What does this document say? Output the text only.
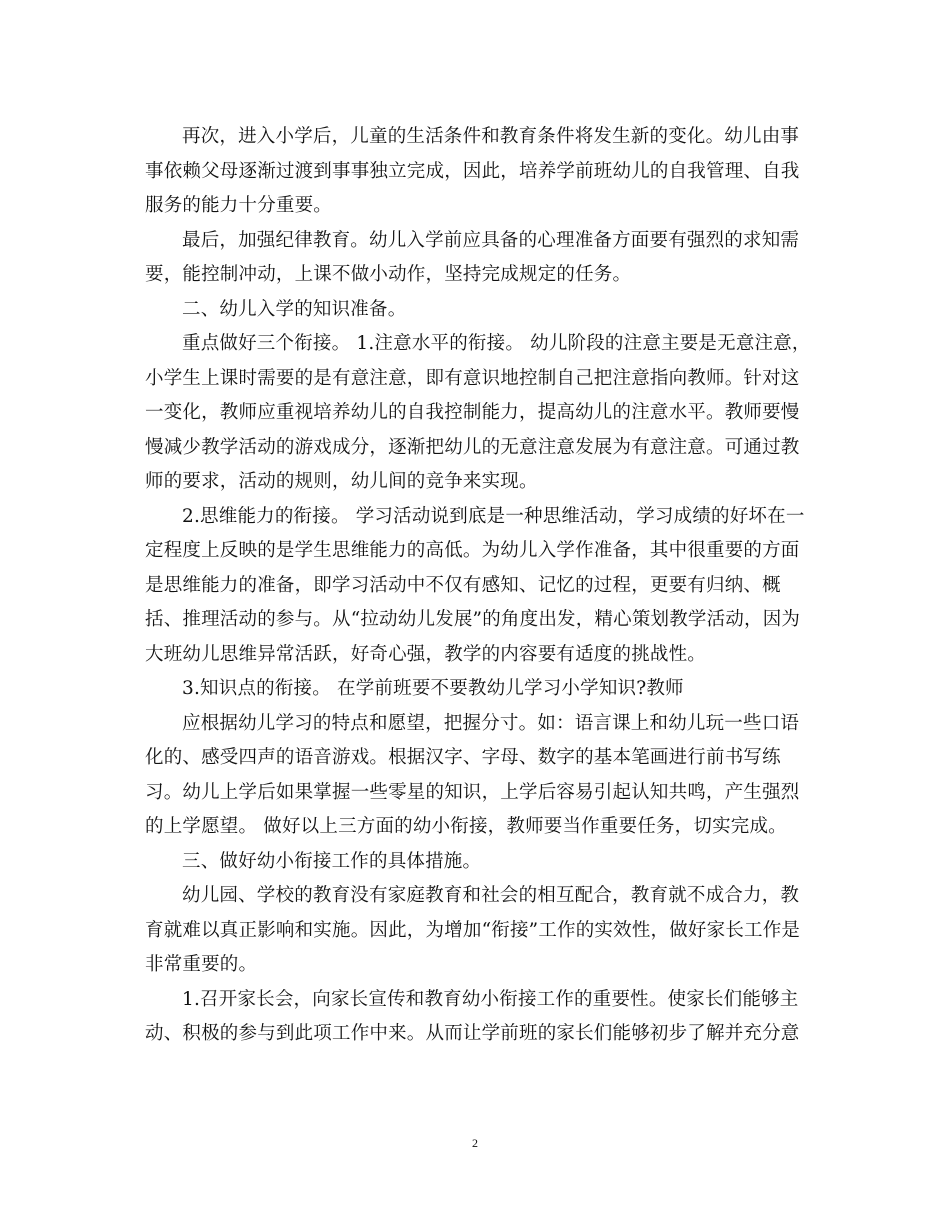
再次，进入小学后，儿童的生活条件和教育条件将发生新的变化。幼儿由事
事依赖父母逐渐过渡到事事独立完成，因此，培养学前班幼儿的自我管理、自我
服务的能力十分重要。

最后，加强纪律教育。幼儿入学前应具备的心理准备方面要有强烈的求知需
要，能控制冲动，上课不做小动作，坚持完成规定的任务。

二、幼儿入学的知识准备。

重点做好三个衔接。 1.注意水平的衔接。 幼儿阶段的注意主要是无意注意，
小学生上课时需要的是有意注意，即有意识地控制自己把注意指向教师。针对这
一变化，教师应重视培养幼儿的自我控制能力，提高幼儿的注意水平。教师要慢
慢减少教学活动的游戏成分，逐渐把幼儿的无意注意发展为有意注意。可通过教
师的要求，活动的规则，幼儿间的竞争来实现。

2.思维能力的衔接。 学习活动说到底是一种思维活动，学习成绩的好坏在一
定程度上反映的是学生思维能力的高低。为幼儿入学作准备，其中很重要的方面
是思维能力的准备，即学习活动中不仅有感知、记忆的过程，更要有归纳、概
括、推理活动的参与。从“拉动幼儿发展”的角度出发，精心策划教学活动，因为
大班幼儿思维异常活跃，好奇心强，教学的内容要有适度的挑战性。

3.知识点的衔接。 在学前班要不要教幼儿学习小学知识?教师

应根据幼儿学习的特点和愿望，把握分寸。如：语言课上和幼儿玩一些口语
化的、感受四声的语音游戏。根据汉字、字母、数字的基本笔画进行前书写练
习。幼儿上学后如果掌握一些零星的知识，上学后容易引起认知共鸣，产生强烈
的上学愿望。 做好以上三方面的幼小衔接，教师要当作重要任务，切实完成。

三、做好幼小衔接工作的具体措施。

幼儿园、学校的教育没有家庭教育和社会的相互配合，教育就不成合力，教
育就难以真正影响和实施。因此，为增加“衔接”工作的实效性，做好家长工作是
非常重要的。

1.召开家长会，向家长宣传和教育幼小衔接工作的重要性。使家长们能够主
动、积极的参与到此项工作中来。从而让学前班的家长们能够初步了解并充分意

2
